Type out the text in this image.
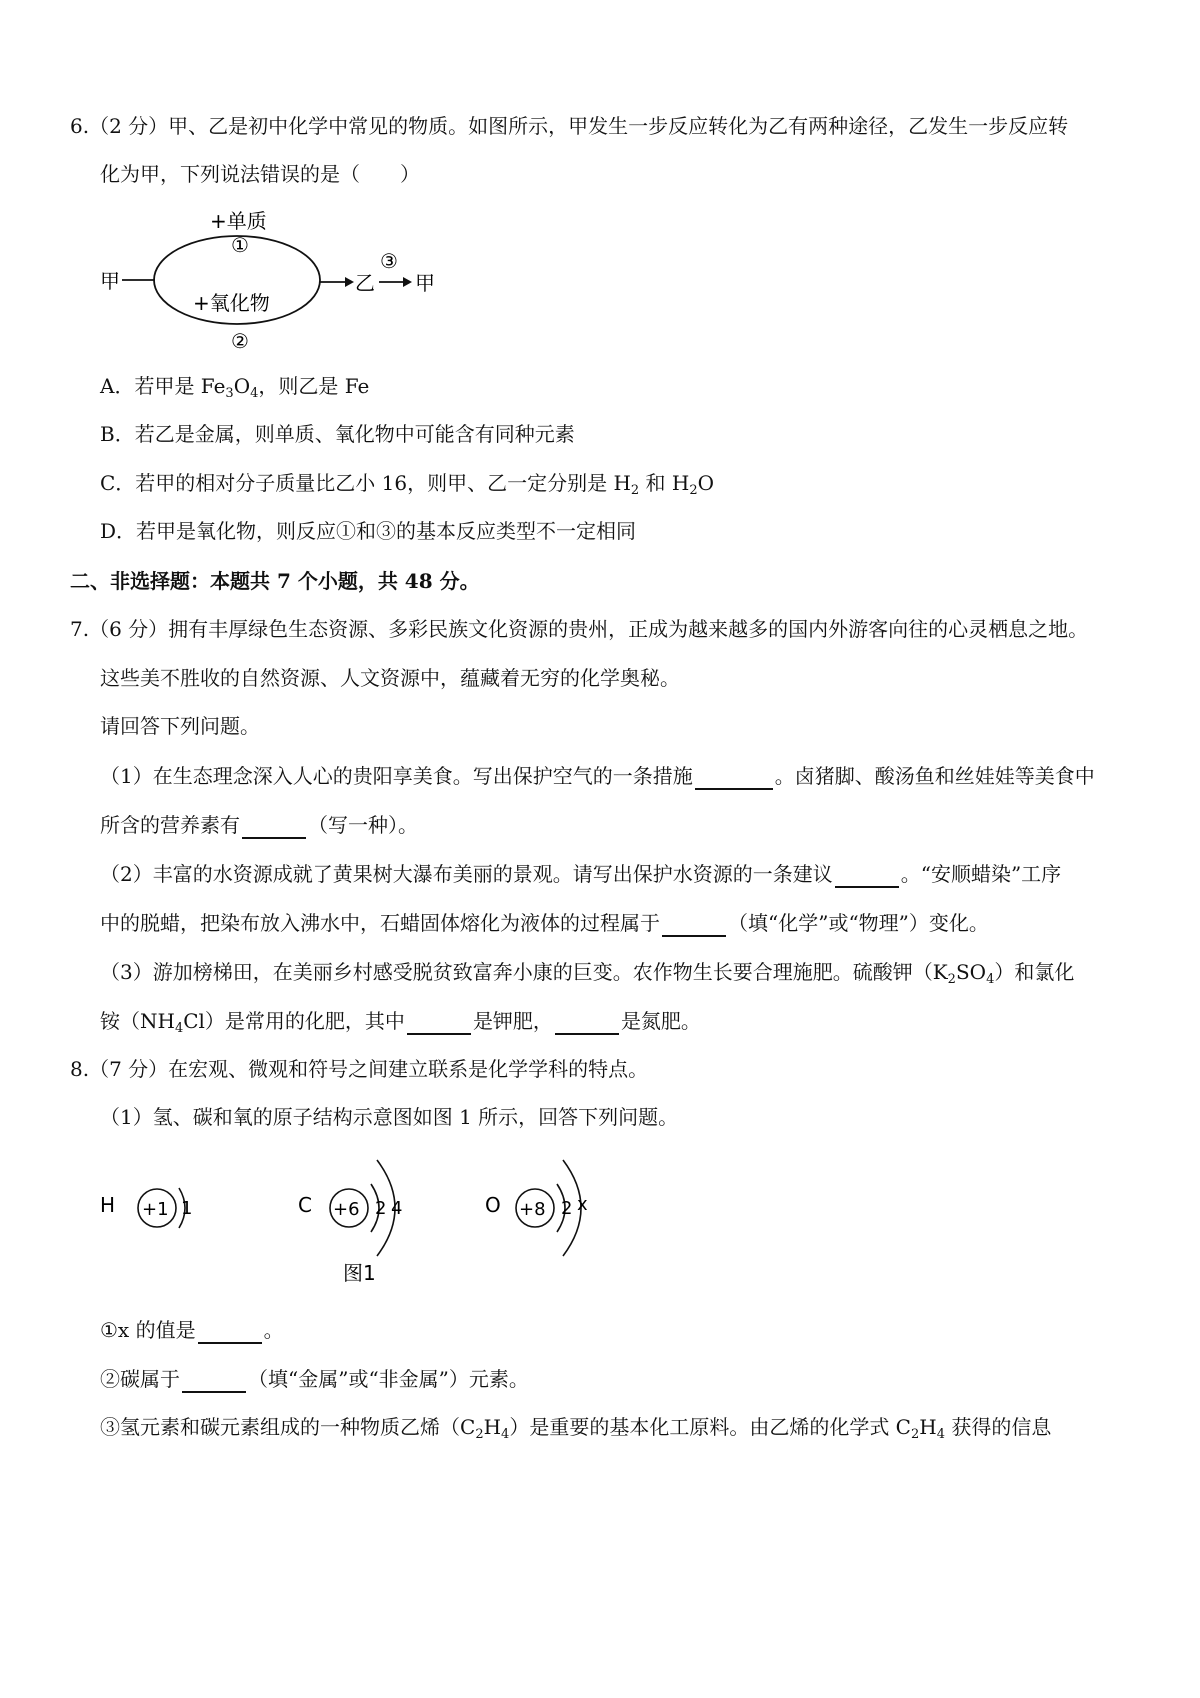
6.（2 分）甲、乙是初中化学中常见的物质。如图所示，甲发生一步反应转化为乙有两种途径，乙发生一步反应转
化为甲，下列说法错误的是（　　）
甲
+单质
①
+氧化物
②
乙
③
甲
A．若甲是 $Fe_3O_4$，则乙是 Fe
B．若乙是金属，则单质、氧化物中可能含有同种元素
C．若甲的相对分子质量比乙小 16，则甲、乙一定分别是 $H_2$ 和 $H_2O$
D．若甲是氧化物，则反应①和③的基本反应类型不一定相同
二、非选择题：本题共 7 个小题，共 48 分。
7.（6 分）拥有丰厚绿色生态资源、多彩民族文化资源的贵州，正成为越来越多的国内外游客向往的心灵栖息之地。
这些美不胜收的自然资源、人文资源中，蕴藏着无穷的化学奥秘。
请回答下列问题。
（1）在生态理念深入人心的贵阳享美食。写出保护空气的一条措施	。卤猪脚、酸汤鱼和丝娃娃等美食中
所含的营养素有	（写一种）。
（2）丰富的水资源成就了黄果树大瀑布美丽的景观。请写出保护水资源的一条建议	。“安顺蜡染”工序
中的脱蜡，把染布放入沸水中，石蜡固体熔化为液体的过程属于	（填“化学”或“物理”）变化。
（3）游加榜梯田，在美丽乡村感受脱贫致富奔小康的巨变。农作物生长要合理施肥。硫酸钾$(K_2SO_4)$和氯化
铵$(NH_4Cl)$是常用的化肥，其中	是钾肥，	是氮肥。
8.（7 分）在宏观、微观和符号之间建立联系是化学学科的特点。
（1）氢、碳和氧的原子结构示意图如图 1 所示，回答下列问题。
H +1 1	C +6 2 4	O +8 2 x
图1
①x 的值是	。
②碳属于	（填“金属”或“非金属”）元素。
③氢元素和碳元素组成的一种物质乙烯$(C_2H_4)$是重要的基本化工原料。由乙烯的化学式 $C_2H_4$ 获得的信息
